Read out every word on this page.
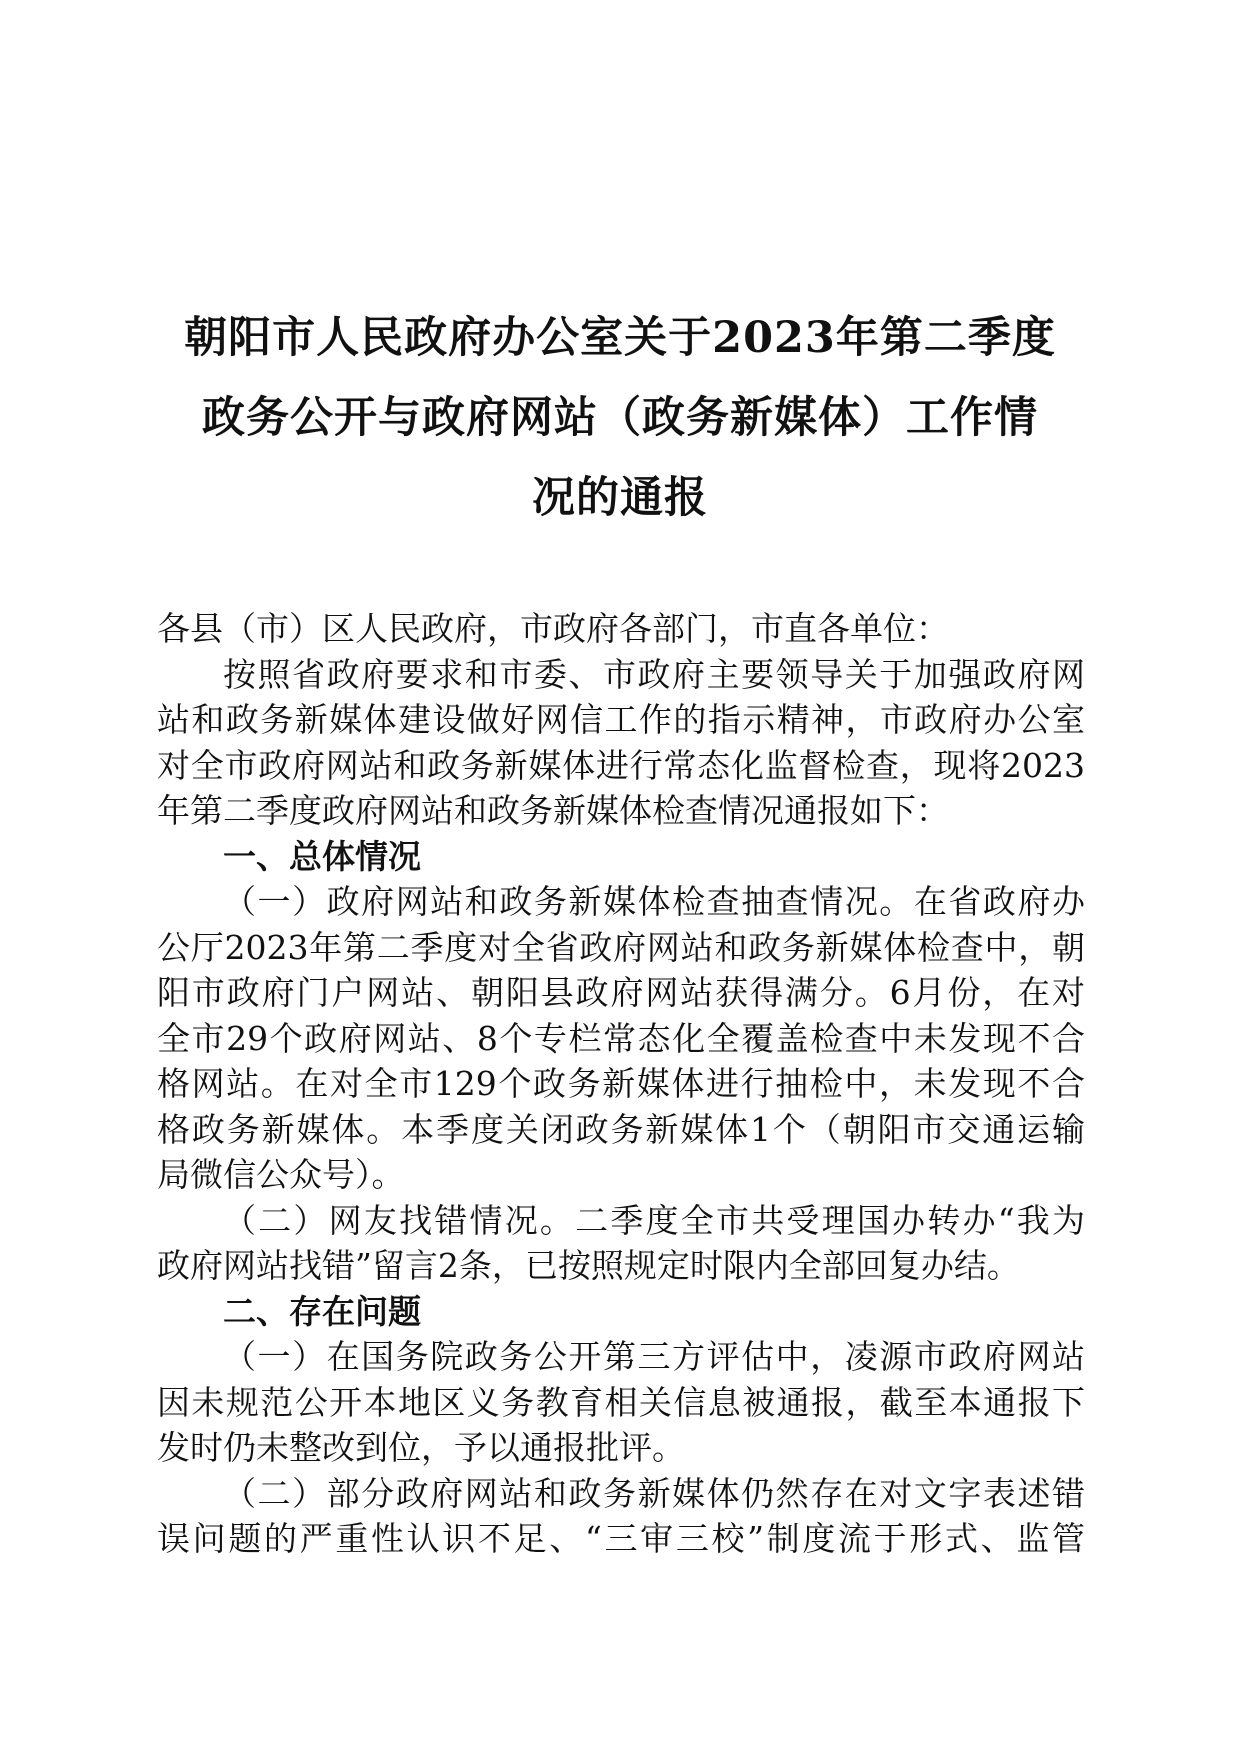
朝阳市人民政府办公室关于2023年第二季度
政务公开与政府网站（政务新媒体）工作情
况的通报
各县（市）区人民政府，市政府各部门，市直各单位：
按照省政府要求和市委、市政府主要领导关于加强政府网
站和政务新媒体建设做好网信工作的指示精神，市政府办公室
对全市政府网站和政务新媒体进行常态化监督检查，现将2023
年第二季度政府网站和政务新媒体检查情况通报如下：
一、总体情况
（一）政府网站和政务新媒体检查抽查情况。在省政府办
公厅2023年第二季度对全省政府网站和政务新媒体检查中，朝
阳市政府门户网站、朝阳县政府网站获得满分。6月份，在对
全市29个政府网站、8个专栏常态化全覆盖检查中未发现不合
格网站。在对全市129个政务新媒体进行抽检中，未发现不合
格政务新媒体。本季度关闭政务新媒体1个（朝阳市交通运输
局微信公众号）。
（二）网友找错情况。二季度全市共受理国办转办“我为
政府网站找错”留言2条，已按照规定时限内全部回复办结。
二、存在问题
（一）在国务院政务公开第三方评估中，凌源市政府网站
因未规范公开本地区义务教育相关信息被通报，截至本通报下
发时仍未整改到位，予以通报批评。
（二）部分政府网站和政务新媒体仍然存在对文字表述错
误问题的严重性认识不足、“三审三校”制度流于形式、监管
